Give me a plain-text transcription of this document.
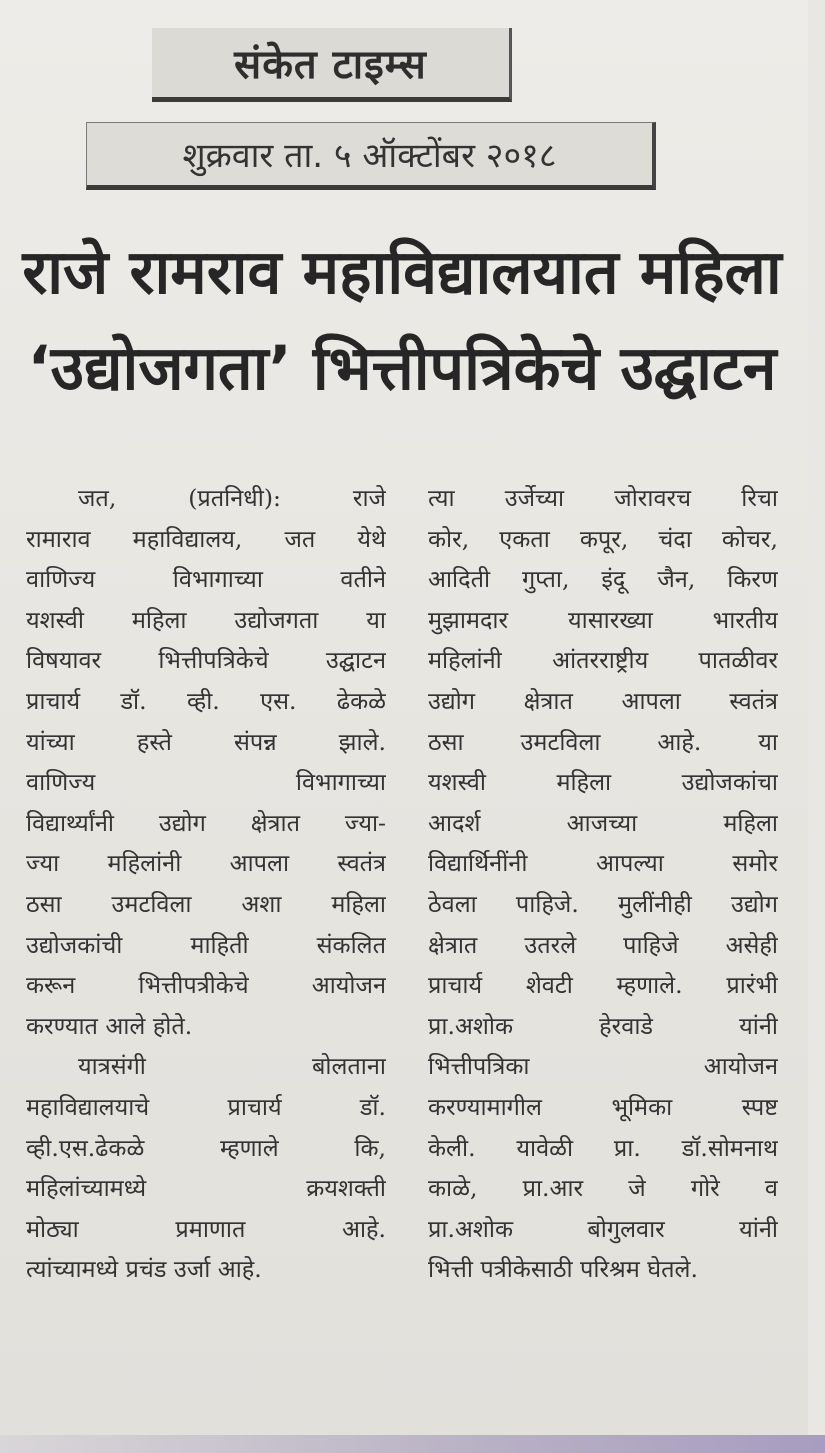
संकेत टाइम्स
शुक्रवार ता. ५ ऑक्टोंबर २०१८
राजे रामराव महाविद्यालयात महिला
‘उद्योजगता’ भित्तीपत्रिकेचे उद्घाटन
जत, (प्रतनिधी): राजे
रामाराव महाविद्यालय, जत येथे
वाणिज्य विभागाच्या वतीने
यशस्वी महिला उद्योजगता या
विषयावर भित्तीपत्रिकेचे उद्घाटन
प्राचार्य डॉ. व्ही. एस. ढेकळे
यांच्या हस्ते संपन्न झाले.
वाणिज्य विभागाच्या
विद्यार्थ्यांनी उद्योग क्षेत्रात ज्या-
ज्या महिलांनी आपला स्वतंत्र
ठसा उमटविला अशा महिला
उद्योजकांची माहिती संकलित
करून भित्तीपत्रीकेचे आयोजन
करण्यात आले होते.
यात्रसंगी बोलताना
महाविद्यालयाचे प्राचार्य डॉ.
व्ही.एस.ढेकळे म्हणाले कि,
महिलांच्यामध्ये क्रयशक्ती
मोठ्या प्रमाणात आहे.
त्यांच्यामध्ये प्रचंड उर्जा आहे.
त्या उर्जेच्या जोरावरच रिचा
कोर, एकता कपूर, चंदा कोचर,
आदिती गुप्ता, इंदू जैन, किरण
मुझामदार यासारख्या भारतीय
महिलांनी आंतरराष्ट्रीय पातळीवर
उद्योग क्षेत्रात आपला स्वतंत्र
ठसा उमटविला आहे. या
यशस्वी महिला उद्योजकांचा
आदर्श आजच्या महिला
विद्यार्थिनींनी आपल्या समोर
ठेवला पाहिजे. मुलींनीही उद्योग
क्षेत्रात उतरले पाहिजे असेही
प्राचार्य शेवटी म्हणाले. प्रारंभी
प्रा.अशोक हेरवाडे यांनी
भित्तीपत्रिका आयोजन
करण्यामागील भूमिका स्पष्ट
केली. यावेळी प्रा. डॉ.सोमनाथ
काळे, प्रा.आर जे गोरे व
प्रा.अशोक बोगुलवार यांनी
भित्ती पत्रीकेसाठी परिश्रम घेतले.
